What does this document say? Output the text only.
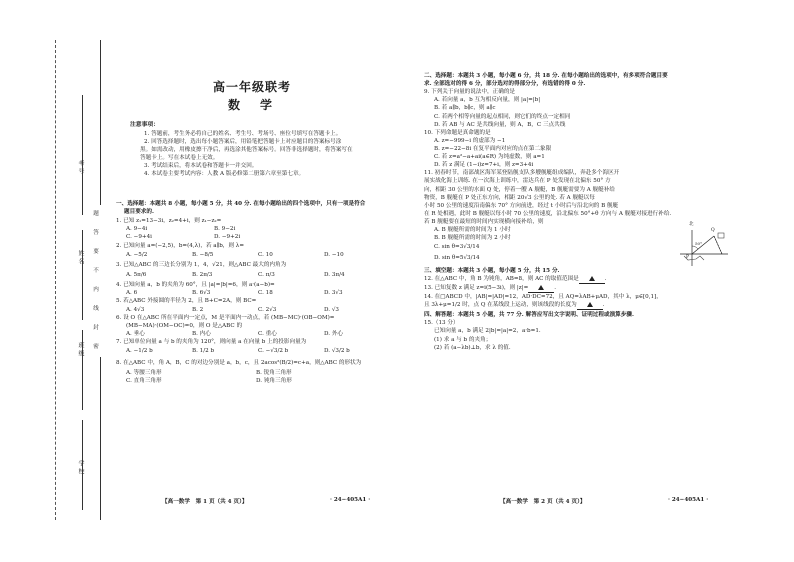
考号
姓名
班级
学校
题
答
要
不
内
线
封
密
高一年级联考
数　学
注意事项：
1. 答题前，考生务必将自己的姓名、考生号、考场号、座位号填写在答题卡上。
2. 回答选择题时，选出每小题答案后，用铅笔把答题卡上对应题目的答案标号涂
黑。如需改动，用橡皮擦干净后，再选涂其他答案标号。回答非选择题时，将答案写在
答题卡上。写在本试卷上无效。
3. 考试结束后，将本试卷和答题卡一并交回。
4. 本试卷主要考试内容：人教 A 版必修第二册第六章至第七章。
一、选择题：本题共 8 小题，每小题 5 分，共 40 分. 在每小题给出的四个选项中，只有一项是符合
题目要求的.
1. 已知 z₁=13−3i，z₂=4+i，则 z₁−z₂=
A. 9−4i	B. 9−2i
C. −9+4i	D. −9+2i
2. 已知向量 a=(−2,5)，b=(4,λ)，若 a∥b，则 λ=
A. −5/2	B. −8/5	C. 10	D. −10
3. 已知△ABC 的三边长分别为 1，4，√21，则△ABC 最大的内角为
A. 5π/6	B. 2π/3	C. π/3	D. 3π/4
4. 已知向量 a，b 的夹角为 60°，且 |a|=|b|=6，则 a·(a−b)=
A. 6	B. 6√3	C. 18	D. 3√3
5. 若△ABC 外接圆的半径为 2，且 B+C=2A，则 BC=
A. 4√3	B. 2	C. 2√3	D. √3
6. 设 O 在△ABC 所在平面内一定点，M 是平面内一动点，若 (MB−MC)·(OB−OM)=
(MB−MA)·(OM−OC)=0，则 O 是△ABC 的
A. 垂心	B. 内心	C. 重心	D. 外心
7. 已知单位向量 a 与 b 的夹角为 120°，则向量 a 在向量 b 上的投影向量为
A. −1/2 b	B. 1/2 b	C. −√3/2 b	D. √3/2 b
8. 在△ABC 中，角 A，B，C 的对边分别是 a，b，c，且 2acos²(B/2)=c+a，则△ABC 的形状为
A. 等腰三角形	B. 锐角三角形
C. 直角三角形	D. 钝角三角形
【高一数学　第 1 页（共 4 页）】	· 24−405A1 ·
二、选择题：本题共 3 小题，每小题 6 分，共 18 分. 在每小题给出的选项中，有多项符合题目要
求. 全部选对的得 6 分，部分选对的得部分分，有选错的得 0 分.
9. 下列关于向量的说法中，正确的是
A. 若向量 a，b 互为相反向量，则 |a|=|b|
B. 若 a∥b，b∥c，则 a∥c
C. 若两个相等向量的起点相同，则它们的终点一定相同
D. 若 AB 与 AC 是共线向量，则 A，B，C 三点共线
10. 下列命题是真命题的是
A. z=−999−i 的虚部为 −1
B. z=−22−8i 在复平面内对应的点在第二象限
C. 若 z=a²−a+ai(a∈R) 为纯虚数，则 a=1
D. 若 z 满足 (1−i)z=7+i，则 z=3+4i
11. 初春时节，南部战区海军某登陆舰支队多艘舰艇组成编队，奔赴多个海区开
展实战化海上训练. 在一次海上训练中，雷达兵在 P 处发现在北偏东 50° 方
向，相距 30 公里的水面 Q 处，停着一艘 A 舰艇，B 舰艇需要为 A 舰艇补给
物资，B 舰艇在 P 处正东方向，相距 20√3 公里的处. 若 A 舰艇以每
小时 50 公里的速度沿南偏东 70° 方向前进，经过 t 小时后与沿北向的 B 舰艇
在 R 处相遇，此时 B 舰艇以每小时 70 公里的速度，沿北偏东 50°+θ 方向与 A 舰艇对接进行补给.
若 B 舰艇要在最短的时间内实现横向接补给，则
A. B 舰艇所需的时间为 1 小时
B. B 舰艇所需的时间为 2 小时
C. sin θ=3√3/14
D. sin θ=5√3/14
三、填空题：本题共 3 小题，每小题 5 分，共 15 分.
12. 在△ABC 中，角 B 为钝角，AB=8，则 AC 的取值范围是	.
13. 已知复数 z 满足 z=i(5−3i)，则 |z|=	.
14. 在□ABCD 中，|AB|=|AD|=12，AD·DC=72，且 AQ=λAB+μAD，其中 λ，μ∈[0,1]，
且 3λ+μ=1/2 时，点 Q 在某线段上运动，则该线段的长度为	.
四、解答题：本题共 5 小题，共 77 分. 解答应写出文字说明、证明过程或演算步骤.
15.（13 分）
已知向量 a，b 满足 2|b|=|a|=2，a·b=1.
(1) 求 a 与 b 的夹角；
(2) 若 (a−λb)⊥b，求 λ 的值.
北
P
Q
50°
【高一数学　第 2 页（共 4 页）】	· 24−405A1 ·
